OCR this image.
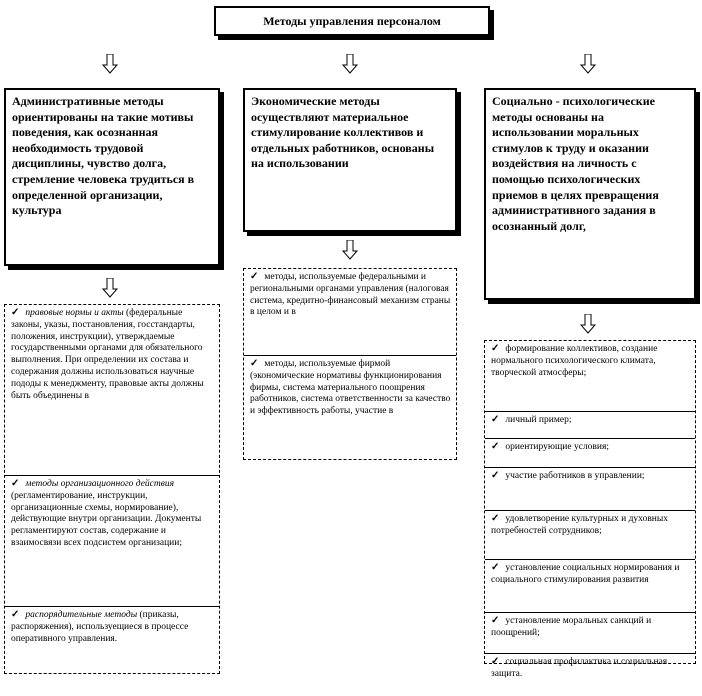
Методы управления персоналом
Административные методы ориентированы на такие мотивы поведения, как осознанная необходимость трудовой дисциплины, чувство долга, стремление человека трудиться в определенной организации, культура
Экономические методы осуществляют материальное стимулирование коллективов и отдельных работников, основаны на использовании
Социально - психологические методы основаны на использовании моральных стимулов к труду и оказании воздействия на личность с помощью психологических приемов в целях превращения административного задания в осознанный долг,
✓ правовые нормы и акты (федеральные законы, указы, постановления, госстандарты, положения, инструкции), утверждаемые государственными органами для обязательного выполнения. При определении их состава и содержания должны использоваться научные пододы к менеджменту, правовые акты должны быть объединены в
✓ методы организационного действия (регламентирование, инструкции, организационные схемы, нормирование), действующие внутри организации. Документы регламентируют состав, содержание и взаимосвязи всех подсистем организации;
✓ распорядительные методы (приказы, распоряжения), используещиеся в процессе оперативного управления.
✓ методы, используемые федеральными и региональными органами управления (налоговая система, кредитно-финансовый механизм страны в целом и в
✓ методы, используемые фирмой (экономические нормативы функционирования фирмы, система материального поощрения работников, система ответственности за качество и эффективность работы, участие в
✓ формирование коллективов, создание нормального психологического климата, творческой атмосферы;
✓ личный пример;
✓ ориентирующие условия;
✓ участие работников в управлении;
✓ удовлетворение культурных и духовных потребностей сотрудников;
✓ установление социальных нормирования и социального стимулирования развития
✓ установление моральных санкций и поощрений;
✓ социальная профилактика и социальная защита.
